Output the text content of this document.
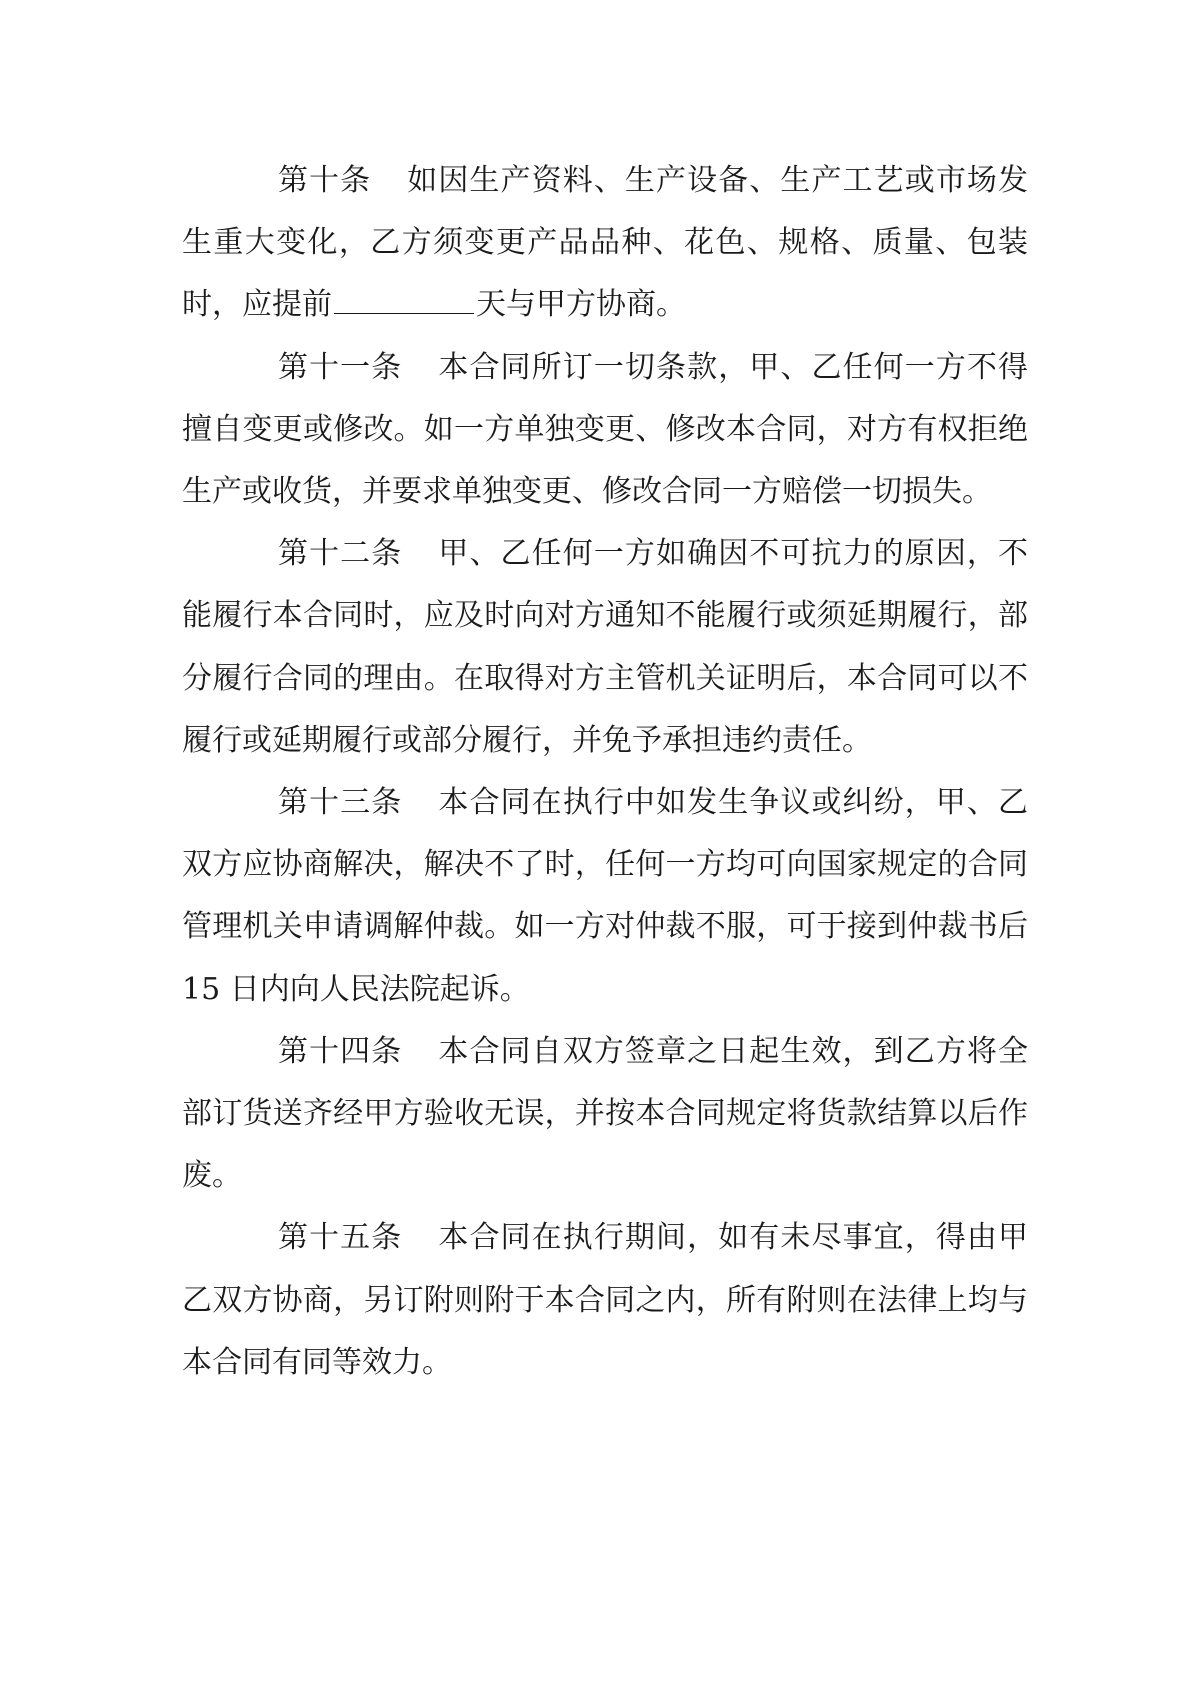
第十条 如因生产资料、生产设备、生产工艺或市场发生重大变化，乙方须变更产品品种、花色、规格、质量、包装时，应提前	天与甲方协商。

第十一条 本合同所订一切条款，甲、乙任何一方不得擅自变更或修改。如一方单独变更、修改本合同，对方有权拒绝生产或收货，并要求单独变更、修改合同一方赔偿一切损失。

第十二条 甲、乙任何一方如确因不可抗力的原因，不能履行本合同时，应及时向对方通知不能履行或须延期履行，部分履行合同的理由。在取得对方主管机关证明后，本合同可以不履行或延期履行或部分履行，并免予承担违约责任。

第十三条 本合同在执行中如发生争议或纠纷，甲、乙双方应协商解决，解决不了时，任何一方均可向国家规定的合同管理机关申请调解仲裁。如一方对仲裁不服，可于接到仲裁书后 15 日内向人民法院起诉。

第十四条 本合同自双方签章之日起生效，到乙方将全部订货送齐经甲方验收无误，并按本合同规定将货款结算以后作废。

第十五条 本合同在执行期间，如有未尽事宜，得由甲乙双方协商，另订附则附于本合同之内，所有附则在法律上均与本合同有同等效力。
